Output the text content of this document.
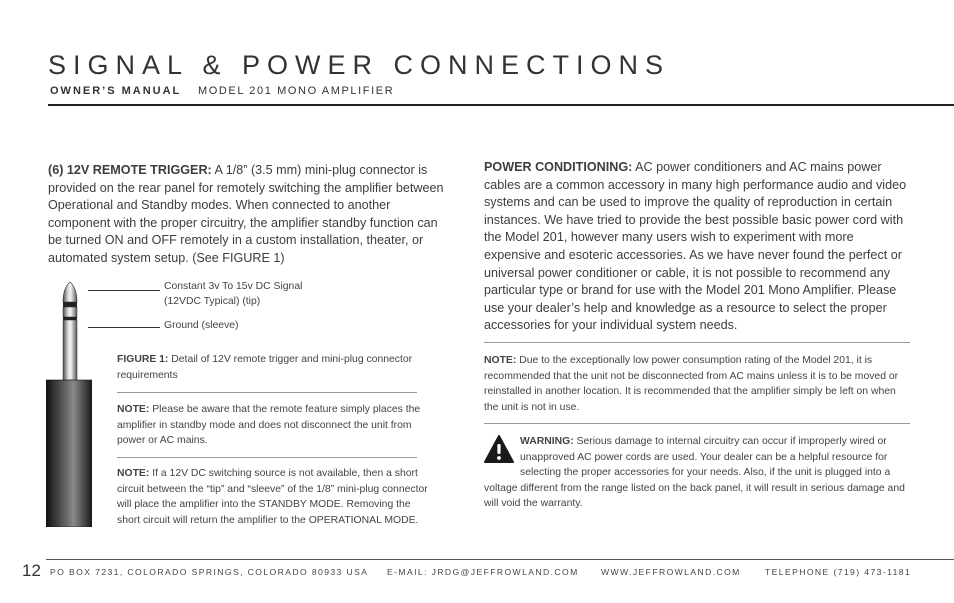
SIGNAL & POWER CONNECTIONS
OWNER’S MANUAL MODEL 201 MONO AMPLIFIER
(6) 12V REMOTE TRIGGER: A 1/8” (3.5 mm) mini-plug connector is provided on the rear panel for remotely switching the amplifier between Operational and Standby modes. When connected to another component with the proper circuitry, the amplifier standby function can be turned ON and OFF remotely in a custom installation, theater, or automated system setup. (See FIGURE 1)
Constant 3v To 15v DC Signal
(12VDC Typical) (tip)
Ground (sleeve)
FIGURE 1: Detail of 12V remote trigger and mini-plug connector requirements
NOTE: Please be aware that the remote feature simply places the amplifier in standby mode and does not disconnect the unit from power or AC mains.
NOTE: If a 12V DC switching source is not available, then a short circuit between the “tip” and “sleeve” of the 1/8” mini-plug connector will place the amplifier into the STANDBY MODE. Removing the short circuit will return the amplifier to the OPERATIONAL MODE.
POWER CONDITIONING: AC power conditioners and AC mains power cables are a common accessory in many high performance audio and video systems and can be used to improve the quality of reproduction in certain instances. We have tried to provide the best possible basic power cord with the Model 201, however many users wish to experiment with more expensive and esoteric accessories. As we have never found the perfect or universal power conditioner or cable, it is not possible to recommend any particular type or brand for use with the Model 201 Mono Amplifier. Please use your dealer’s help and knowledge as a resource to select the proper accessories for your individual system needs.
NOTE: Due to the exceptionally low power consumption rating of the Model 201, it is recommended that the unit not be disconnected from AC mains unless it is to be moved or reinstalled in another location. It is recommended that the amplifier simply be left on when the unit is not in use.
WARNING: Serious damage to internal circuitry can occur if improperly wired or unapproved AC power cords are used. Your dealer can be a helpful resource for selecting the proper accessories for your needs. Also, if the unit is plugged into a voltage different from the range listed on the back panel, it will result in serious damage and will void the warranty.
12 PO BOX 7231, COLORADO SPRINGS, COLORADO 80933 USA E-MAIL: JRDG@JEFFROWLAND.COM	WWW.JEFFROWLAND.COM	TELEPHONE (719) 473-1181
